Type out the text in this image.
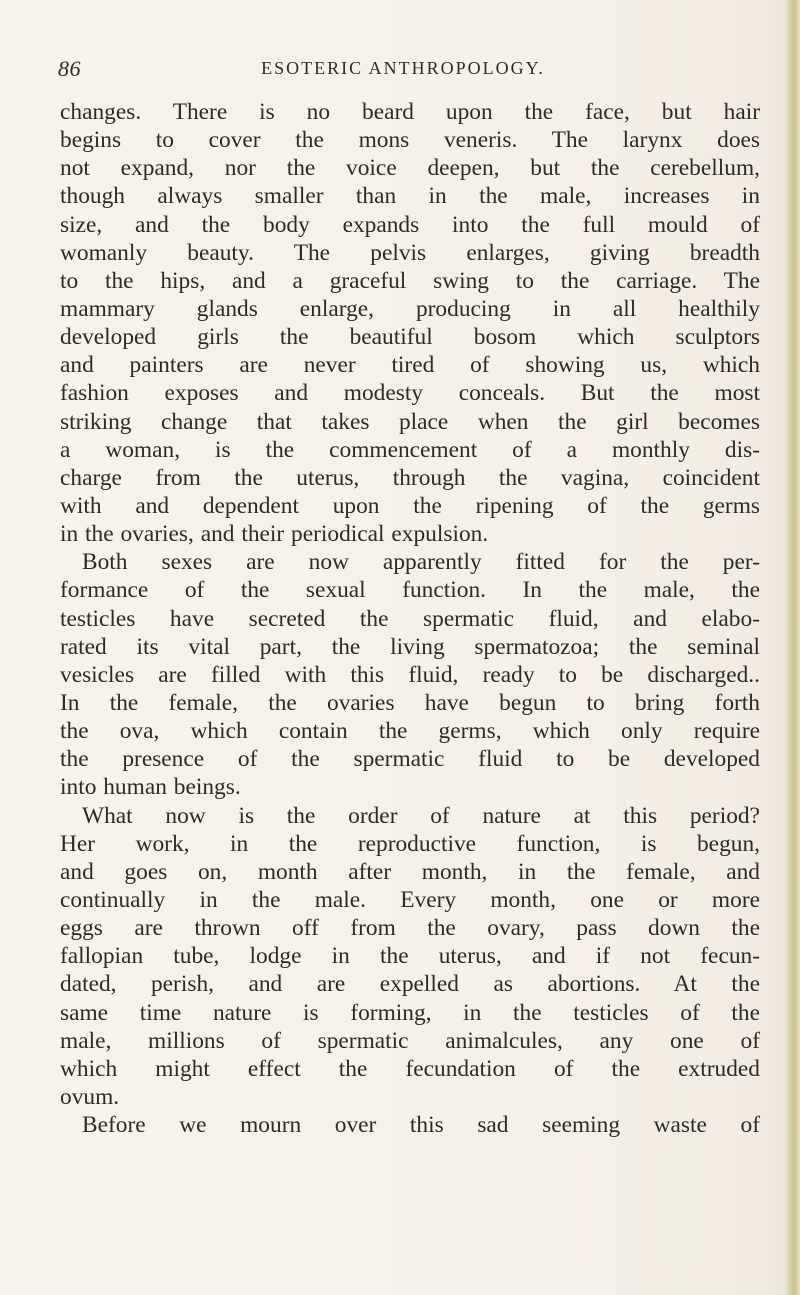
86	ESOTERIC ANTHROPOLOGY.
changes. There is no beard upon the face, but hair
begins to cover the mons veneris. The larynx does
not expand, nor the voice deepen, but the cerebellum,
though always smaller than in the male, increases in
size, and the body expands into the full mould of
womanly beauty. The pelvis enlarges, giving breadth
to the hips, and a graceful swing to the carriage. The
mammary glands enlarge, producing in all healthily
developed girls the beautiful bosom which sculptors
and painters are never tired of showing us, which
fashion exposes and modesty conceals. But the most
striking change that takes place when the girl becomes
a woman, is the commencement of a monthly dis-
charge from the uterus, through the vagina, coincident
with and dependent upon the ripening of the germs
in the ovaries, and their periodical expulsion.
Both sexes are now apparently fitted for the per-
formance of the sexual function. In the male, the
testicles have secreted the spermatic fluid, and elabo-
rated its vital part, the living spermatozoa; the seminal
vesicles are filled with this fluid, ready to be discharged..
In the female, the ovaries have begun to bring forth
the ova, which contain the germs, which only require
the presence of the spermatic fluid to be developed
into human beings.
What now is the order of nature at this period?
Her work, in the reproductive function, is begun,
and goes on, month after month, in the female, and
continually in the male. Every month, one or more
eggs are thrown off from the ovary, pass down the
fallopian tube, lodge in the uterus, and if not fecun-
dated, perish, and are expelled as abortions. At the
same time nature is forming, in the testicles of the
male, millions of spermatic animalcules, any one of
which might effect the fecundation of the extruded
ovum.
Before we mourn over this sad seeming waste of
